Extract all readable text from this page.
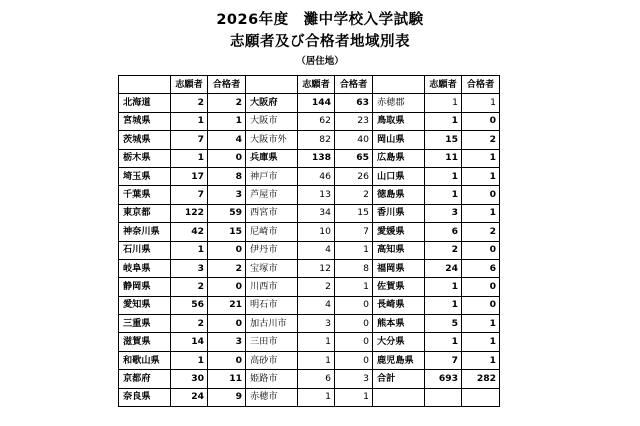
2026年度　灘中学校入学試験
志願者及び合格者地域別表
（居住地）
	志願者	合格者		志願者	合格者		志願者	合格者
北海道	2	2	大阪府	144	63	赤穂郡	1	1
宮城県	1	1	大阪市	62	23	鳥取県	1	0
茨城県	7	4	大阪市外	82	40	岡山県	15	2
栃木県	1	0	兵庫県	138	65	広島県	11	1
埼玉県	17	8	神戸市	46	26	山口県	1	1
千葉県	7	3	芦屋市	13	2	徳島県	1	0
東京都	122	59	西宮市	34	15	香川県	3	1
神奈川県	42	15	尼崎市	10	7	愛媛県	6	2
石川県	1	0	伊丹市	4	1	高知県	2	0
岐阜県	3	2	宝塚市	12	8	福岡県	24	6
静岡県	2	0	川西市	2	1	佐賀県	1	0
愛知県	56	21	明石市	4	0	長崎県	1	0
三重県	2	0	加古川市	3	0	熊本県	5	1
滋賀県	14	3	三田市	1	0	大分県	1	1
和歌山県	1	0	高砂市	1	0	鹿児島県	7	1
京都府	30	11	姫路市	6	3	合計	693	282
奈良県	24	9	赤穂市	1	1			
